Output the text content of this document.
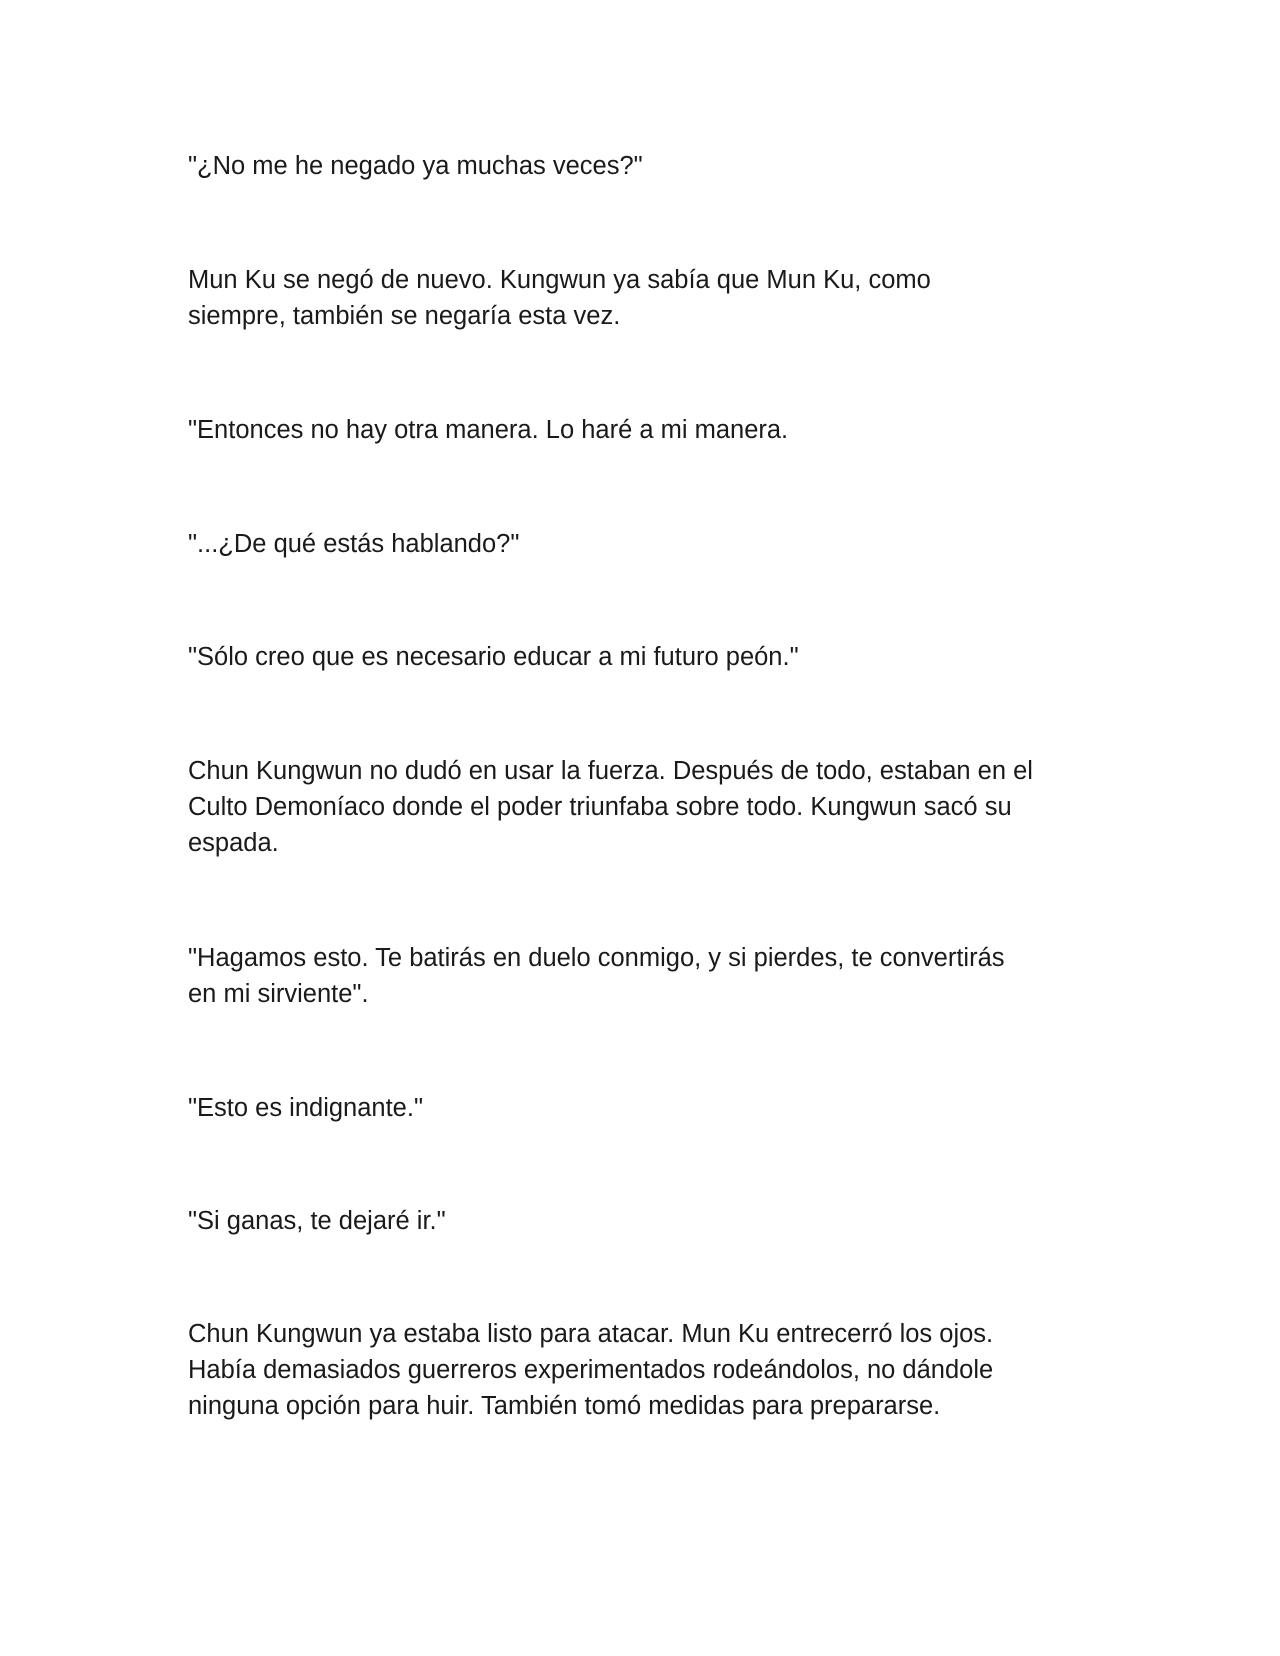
"¿No me he negado ya muchas veces?"

Mun Ku se negó de nuevo. Kungwun ya sabía que Mun Ku, como
siempre, también se negaría esta vez.

"Entonces no hay otra manera. Lo haré a mi manera.

"...¿De qué estás hablando?"

"Sólo creo que es necesario educar a mi futuro peón."

Chun Kungwun no dudó en usar la fuerza. Después de todo, estaban en el
Culto Demoníaco donde el poder triunfaba sobre todo. Kungwun sacó su
espada.

"Hagamos esto. Te batirás en duelo conmigo, y si pierdes, te convertirás
en mi sirviente".

"Esto es indignante."

"Si ganas, te dejaré ir."

Chun Kungwun ya estaba listo para atacar. Mun Ku entrecerró los ojos.
Había demasiados guerreros experimentados rodeándolos, no dándole
ninguna opción para huir. También tomó medidas para prepararse.
